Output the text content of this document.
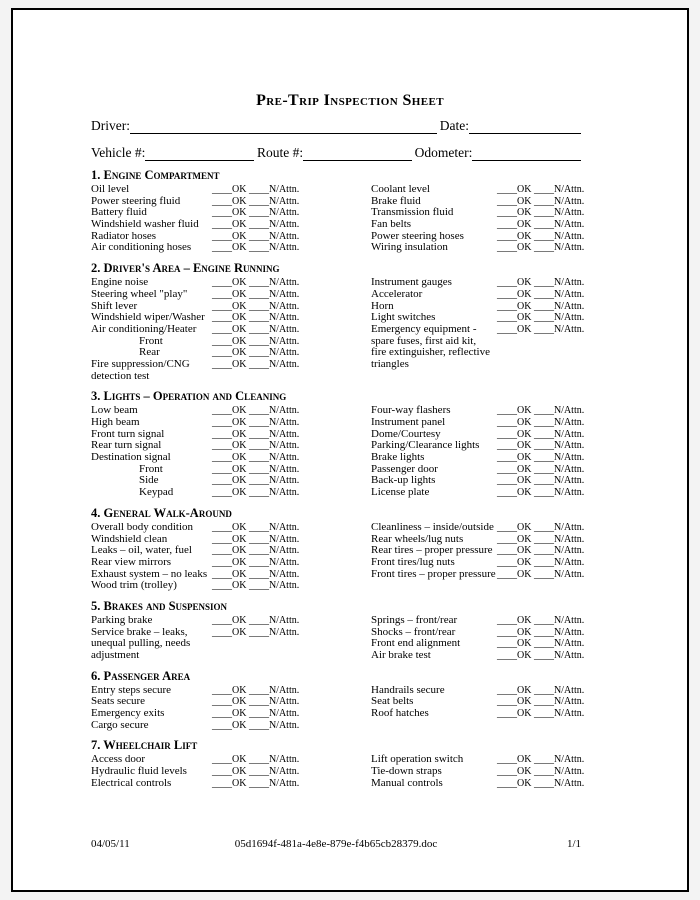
Pre-Trip Inspection Sheet
Driver:	Date:
Vehicle #:	Route #:	Odometer:
1. Engine Compartment
Oil level	____OK ____N/Attn.
Power steering fluid	____OK ____N/Attn.
Battery fluid	____OK ____N/Attn.
Windshield washer fluid	____OK ____N/Attn.
Radiator hoses	____OK ____N/Attn.
Air conditioning hoses	____OK ____N/Attn.
Coolant level	____OK ____N/Attn.
Brake fluid	____OK ____N/Attn.
Transmission fluid	____OK ____N/Attn.
Fan belts	____OK ____N/Attn.
Power steering hoses	____OK ____N/Attn.
Wiring insulation	____OK ____N/Attn.
2. Driver's Area – Engine Running
Engine noise	____OK ____N/Attn.
Steering wheel "play"	____OK ____N/Attn.
Shift lever	____OK ____N/Attn.
Windshield wiper/Washer ____OK ____N/Attn.
Air conditioning/Heater	____OK ____N/Attn.
Front	____OK ____N/Attn.
Rear	____OK ____N/Attn.
Fire suppression/CNG	____OK ____N/Attn.
detection test
Instrument gauges	____OK ____N/Attn.
Accelerator	____OK ____N/Attn.
Horn	____OK ____N/Attn.
Light switches	____OK ____N/Attn.
Emergency equipment -	____OK ____N/Attn.
spare fuses, first aid kit,
fire extinguisher, reflective
triangles
3. Lights – Operation and Cleaning
Low beam	____OK ____N/Attn.
High beam	____OK ____N/Attn.
Front turn signal	____OK ____N/Attn.
Rear turn signal	____OK ____N/Attn.
Destination signal	____OK ____N/Attn.
Front	____OK ____N/Attn.
Side	____OK ____N/Attn.
Keypad	____OK ____N/Attn.
Four-way flashers	____OK ____N/Attn.
Instrument panel	____OK ____N/Attn.
Dome/Courtesy	____OK ____N/Attn.
Parking/Clearance lights	____OK ____N/Attn.
Brake lights	____OK ____N/Attn.
Passenger door	____OK ____N/Attn.
Back-up lights	____OK ____N/Attn.
License plate	____OK ____N/Attn.
4. General Walk-Around
Overall body condition	____OK ____N/Attn.
Windshield clean	____OK ____N/Attn.
Leaks – oil, water, fuel	____OK ____N/Attn.
Rear view mirrors	____OK ____N/Attn.
Exhaust system – no leaks ____OK ____N/Attn.
Wood trim (trolley)	____OK ____N/Attn.
Cleanliness – inside/outside ____OK ____N/Attn.
Rear wheels/lug nuts	____OK ____N/Attn.
Rear tires – proper pressure ____OK ____N/Attn.
Front tires/lug nuts	____OK ____N/Attn.
Front tires – proper pressure ____OK ____N/Attn.
5. Brakes and Suspension
Parking brake	____OK ____N/Attn.
Service brake – leaks,	____OK ____N/Attn.
unequal pulling, needs
adjustment
Springs – front/rear	____OK ____N/Attn.
Shocks – front/rear	____OK ____N/Attn.
Front end alignment	____OK ____N/Attn.
Air brake test	____OK ____N/Attn.
6. Passenger Area
Entry steps secure	____OK ____N/Attn.
Seats secure	____OK ____N/Attn.
Emergency exits	____OK ____N/Attn.
Cargo secure	____OK ____N/Attn.
Handrails secure	____OK ____N/Attn.
Seat belts	____OK ____N/Attn.
Roof hatches	____OK ____N/Attn.
7. Wheelchair Lift
Access door	____OK ____N/Attn.
Hydraulic fluid levels	____OK ____N/Attn.
Electrical controls	____OK ____N/Attn.
Lift operation switch	____OK ____N/Attn.
Tie-down straps	____OK ____N/Attn.
Manual controls	____OK ____N/Attn.
04/05/11	05d1694f-481a-4e8e-879e-f4b65cb28379.doc	1/1
